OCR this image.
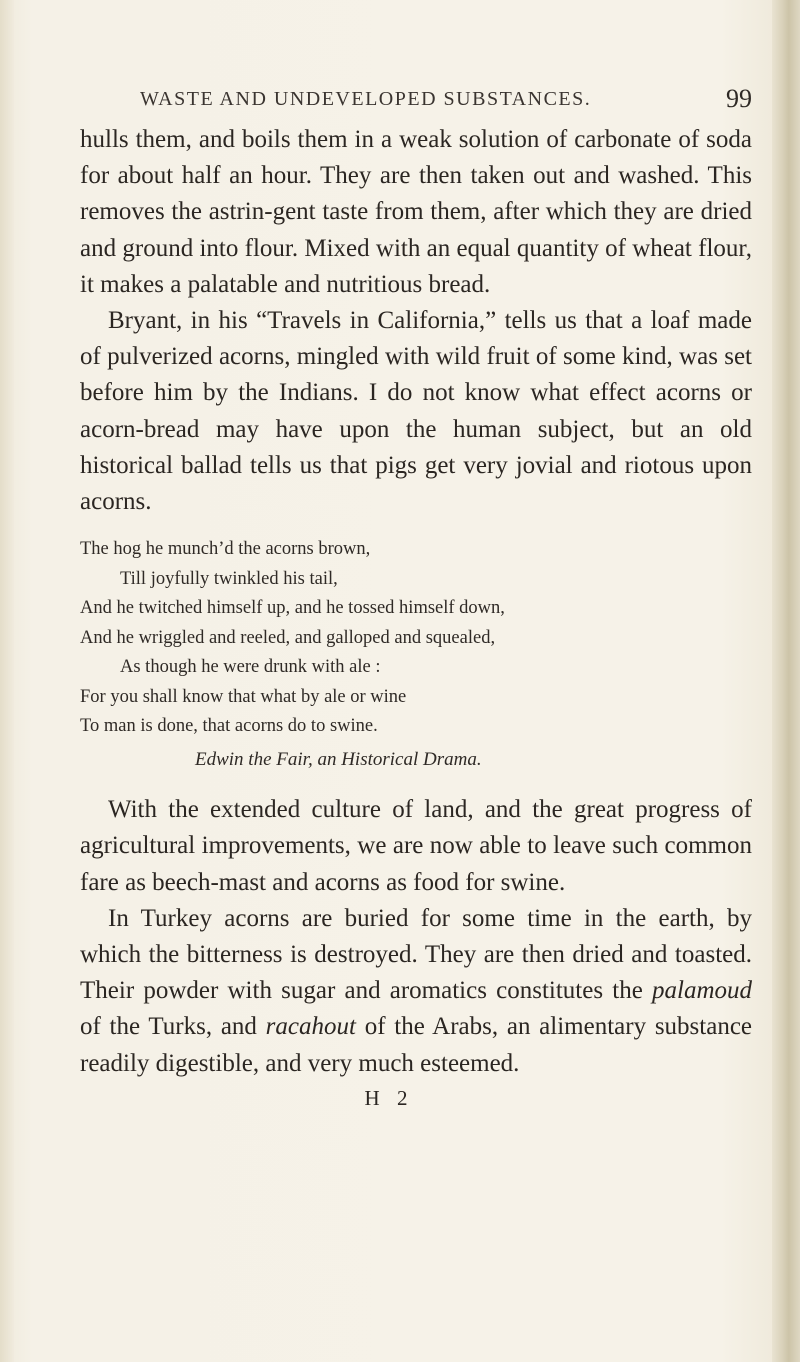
WASTE AND UNDEVELOPED SUBSTANCES.	99

hulls them, and boils them in a weak solution of carbonate of soda for about half an hour. They are then taken out and washed. This removes the astrin-gent taste from them, after which they are dried and ground into flour. Mixed with an equal quantity of wheat flour, it makes a palatable and nutritious bread.

Bryant, in his “Travels in California,” tells us that a loaf made of pulverized acorns, mingled with wild fruit of some kind, was set before him by the Indians. I do not know what effect acorns or acorn-bread may have upon the human subject, but an old historical ballad tells us that pigs get very jovial and riotous upon acorns.

The hog he munch’d the acorns brown,
Till joyfully twinkled his tail,
And he twitched himself up, and he tossed himself down,
And he wriggled and reeled, and galloped and squealed,
As though he were drunk with ale :
For you shall know that what by ale or wine
To man is done, that acorns do to swine.
Edwin the Fair, an Historical Drama.

With the extended culture of land, and the great progress of agricultural improvements, we are now able to leave such common fare as beech-mast and acorns as food for swine.

In Turkey acorns are buried for some time in the earth, by which the bitterness is destroyed. They are then dried and toasted. Their powder with sugar and aromatics constitutes the palamoud of the Turks, and racahout of the Arabs, an alimentary substance readily digestible, and very much esteemed.

H 2
